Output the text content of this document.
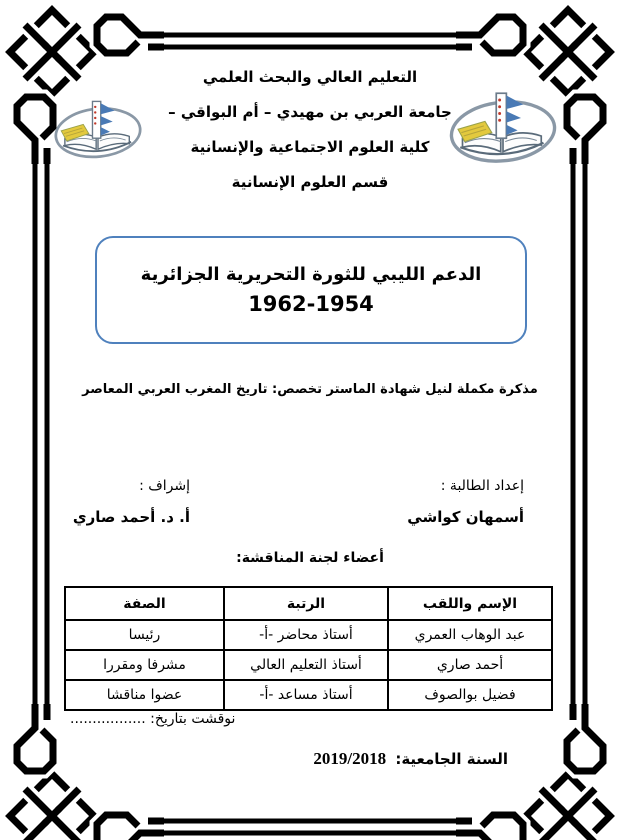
التعليم العالي والبحث العلمي
جامعة العربي بن مهيدي – أم البواقي –
كلية العلوم الاجتماعية والإنسانية
قسم العلوم الإنسانية
الدعم الليبي للثورة التحريرية الجزائرية
1962-1954
مذكرة مكملة لنيل شهادة الماستر تخصص: تاريخ المغرب العربي المعاصر
إعداد الطالبة :
أسمهان كواشي
إشراف :
أ. د. أحمد صاري
أعضاء لجنة المناقشة:
الإسم واللقب	الرتبة	الصفة
عبد الوهاب العمري	أستاذ محاضر -أ-	رئيسا
أحمد صاري	أستاذ التعليم العالي	مشرفا ومقررا
فضيل بوالصوف	أستاذ مساعد -أ-	عضوا مناقشا
نوقشت بتاريخ: .................
السنة الجامعية: 2019/2018
